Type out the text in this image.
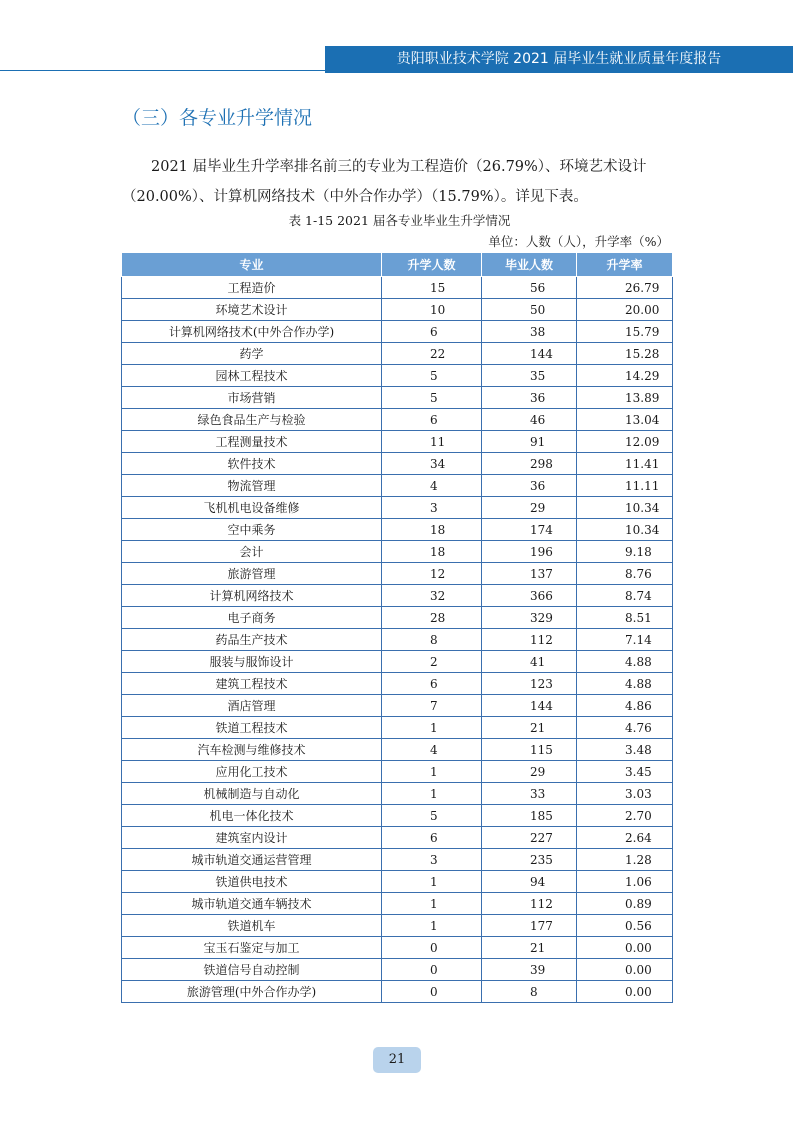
贵阳职业技术学院 2021 届毕业生就业质量年度报告
（三）各专业升学情况
2021 届毕业生升学率排名前三的专业为工程造价（26.79%）、环境艺术设计（20.00%）、计算机网络技术（中外合作办学）（15.79%）。详见下表。
表 1-15 2021 届各专业毕业生升学情况
单位：人数（人），升学率（%）
专业	升学人数	毕业人数	升学率
工程造价	15	56	26.79
环境艺术设计	10	50	20.00
计算机网络技术(中外合作办学)	6	38	15.79
药学	22	144	15.28
园林工程技术	5	35	14.29
市场营销	5	36	13.89
绿色食品生产与检验	6	46	13.04
工程测量技术	11	91	12.09
软件技术	34	298	11.41
物流管理	4	36	11.11
飞机机电设备维修	3	29	10.34
空中乘务	18	174	10.34
会计	18	196	9.18
旅游管理	12	137	8.76
计算机网络技术	32	366	8.74
电子商务	28	329	8.51
药品生产技术	8	112	7.14
服装与服饰设计	2	41	4.88
建筑工程技术	6	123	4.88
酒店管理	7	144	4.86
铁道工程技术	1	21	4.76
汽车检测与维修技术	4	115	3.48
应用化工技术	1	29	3.45
机械制造与自动化	1	33	3.03
机电一体化技术	5	185	2.70
建筑室内设计	6	227	2.64
城市轨道交通运营管理	3	235	1.28
铁道供电技术	1	94	1.06
城市轨道交通车辆技术	1	112	0.89
铁道机车	1	177	0.56
宝玉石鉴定与加工	0	21	0.00
铁道信号自动控制	0	39	0.00
旅游管理(中外合作办学)	0	8	0.00
21
